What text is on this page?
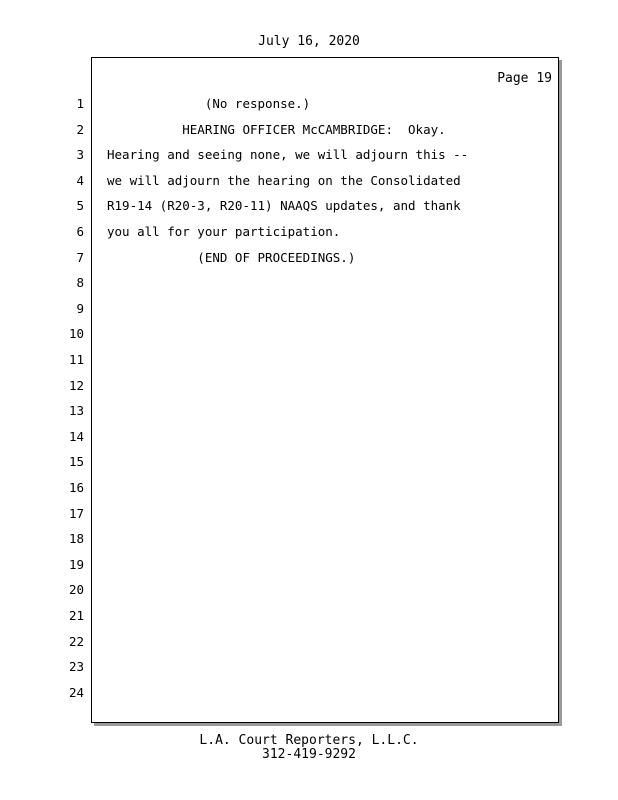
July 16, 2020
Page 19
1 (No response.)
2 HEARING OFFICER McCAMBRIDGE:  Okay.
3 Hearing and seeing none, we will adjourn this --
4 we will adjourn the hearing on the Consolidated
5 R19-14 (R20-3, R20-11) NAAQS updates, and thank
6 you all for your participation.
7 (END OF PROCEEDINGS.)
8
9
10
11
12
13
14
15
16
17
18
19
20
21
22
23
24
L.A. Court Reporters, L.L.C.
312-419-9292
